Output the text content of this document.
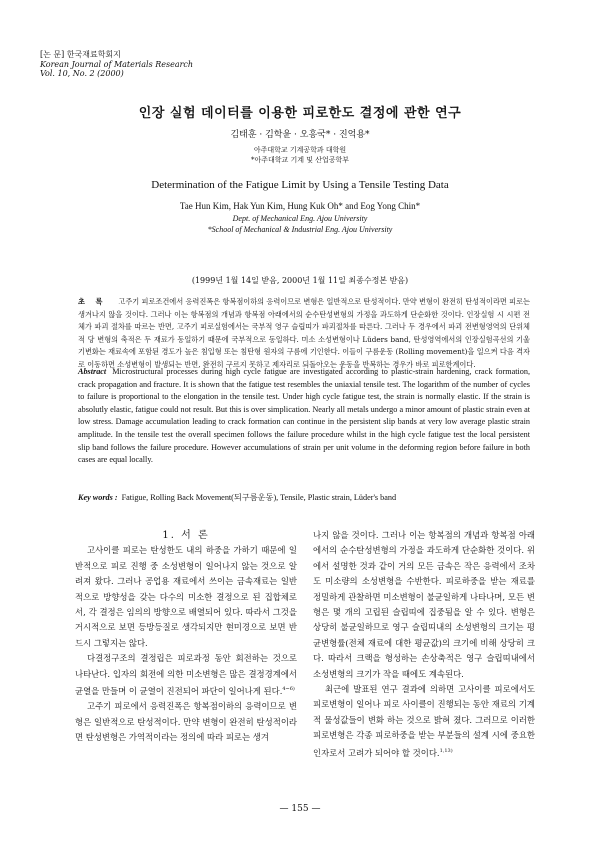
[논 문] 한국재료학회지
Korean Journal of Materials Research
Vol. 10, No. 2 (2000)
인장 실험 데이터를 이용한 피로한도 결정에 관한 연구
김태훈 · 김학윤 · 오흥국* · 진억용*
아주대학교 기계공학과 대학원
*아주대학교 기계 및 산업공학부
Determination of the Fatigue Limit by Using a Tensile Testing Data
Tae Hun Kim, Hak Yun Kim, Hung Kuk Oh* and Eog Yong Chin*
Dept. of Mechanical Eng. Ajou University
*School of Mechanical & Industrial Eng. Ajou University
(1999년 1월 14일 받음, 2000년 1월 11일 최종수정본 받음)
초 록 고주기 피로조건에서 응력진폭은 항복점이하의 응력이므로 변형은 일반적으로 탄성적이다. 만약 변형이 완전히 탄성적이라면 피로는 생겨나지 않을 것이다. 그러나 이는 항복점의 개념과 항복점 아래에서의 순수탄성변형의 가정을 과도하게 단순화한 것이다. 인장실험 시 시편 전체가 파괴 절차를 따르는 반면, 고주기 피로실험에서는 국부적 영구 슬립띠가 파괴절차를 따른다. 그러나 두 경우에서 파괴 전변형영역의 단위체적 당 변형의 축적은 두 재료가 동일하기 때문에 국부적으로 동일하다. 미소 소성변형이나 Lüders band, 탄성영역에서의 인장실험곡선의 기울기변화는 재료속에 포함된 경도가 높은 침입형 또는 침탄형 원자의 구름에 기인한다. 이들이 구름운동 (Rolling movement)을 일으켜 다음 격자로 이동하면 소성변형이 발생되는 반면, 완전히 구르지 못하고 제자리로 되돌아오는 운동을 반복하는 경우가 바로 피로한계이다.
Abstract Microstructural processes during high cycle fatigue are investigated according to plastic-strain hardening, crack formation, crack propagation and fracture. It is shown that the fatigue test resembles the uniaxial tensile test. The logarithm of the number of cycles to failure is proportional to the elongation in the tensile test. Under high cycle fatigue test, the strain is normally elastic. If the strain is absolutly elastic, fatigue could not result. But this is over simplication. Nearly all metals undergo a minor amount of plastic strain even at low stress. Damage accumulation leading to crack formation can continue in the persistent slip bands at very low average plastic strain amplitude. In the tensile test the overall specimen follows the failure procedure whilst in the high cycle fatigue test the local persistent slip band follows the failure procedure. However accumulations of strain per unit volume in the deforming region before failure in both cases are equal locally.
Key words : Fatigue, Rolling Back Movement(되구름운동), Tensile, Plastic strain, Lüder's band

1. 서 론

고사이클 피로는 탄성한도 내의 하중을 가하기 때문에 일반적으로 피로 진행 중 소성변형이 일어나지 않는 것으로 알려져 왔다. 그러나 공업용 재료에서 쓰이는 금속재료는 일반적으로 방향성을 갖는 다수의 미소한 결정으로 된 집합체로서, 각 결정은 임의의 방향으로 배열되어 있다. 따라서 그것을 거시적으로 보면 등방등질로 생각되지만 현미경으로 보면 반드시 그렇지는 않다.

다결정구조의 결정립은 피로과정 동안 회전하는 것으로 나타난다. 입자의 회전에 의한 미소변형은 많은 결정경계에서 균열을 만들며 이 균열이 진전되어 파단이 일어나게 된다.$^{4\sim 6)}$

고주기 피로에서 응력진폭은 항복점이하의 응력이므로 변형은 일반적으로 탄성적이다. 만약 변형이 완전히 탄성적이라면 탄성변형은 가역적이라는 정의에 따라 피로는 생겨

나지 않을 것이다. 그러나 이는 항복점의 개념과 항복점 아래에서의 순수탄성변형의 가정을 과도하게 단순화한 것이다. 위에서 설명한 것과 같이 거의 모든 금속은 작은 응력에서 조차도 미소량의 소성변형을 수반한다. 피로하중을 받는 재료를 정밀하게 관찰하면 미소변형이 불균일하게 나타나며, 모든 변형은 몇 개의 고립된 슬립띠에 집중됨을 알 수 있다. 변형은 상당히 불균일하므로 영구 슬립띠내의 소성변형의 크기는 평균변형률(전체 재료에 대한 평균값)의 크기에 비해 상당히 크다. 따라서 크랙을 형성하는 손상축적은 영구 슬립띠내에서 소성변형의 크기가 작을 때에도 계속된다.

최근에 발표된 연구 결과에 의하면 고사이클 피로에서도 피로변형이 일어나 피로 사이클이 진행되는 동안 재료의 기계적 물성값들이 변화 하는 것으로 밝혀 졌다. 그러므로 이러한 피로변형은 각종 피로하중을 받는 부분들의 설계 시에 중요한 인자로서 고려가 되어야 할 것이다.$^{1,13)}$

— 155 —
